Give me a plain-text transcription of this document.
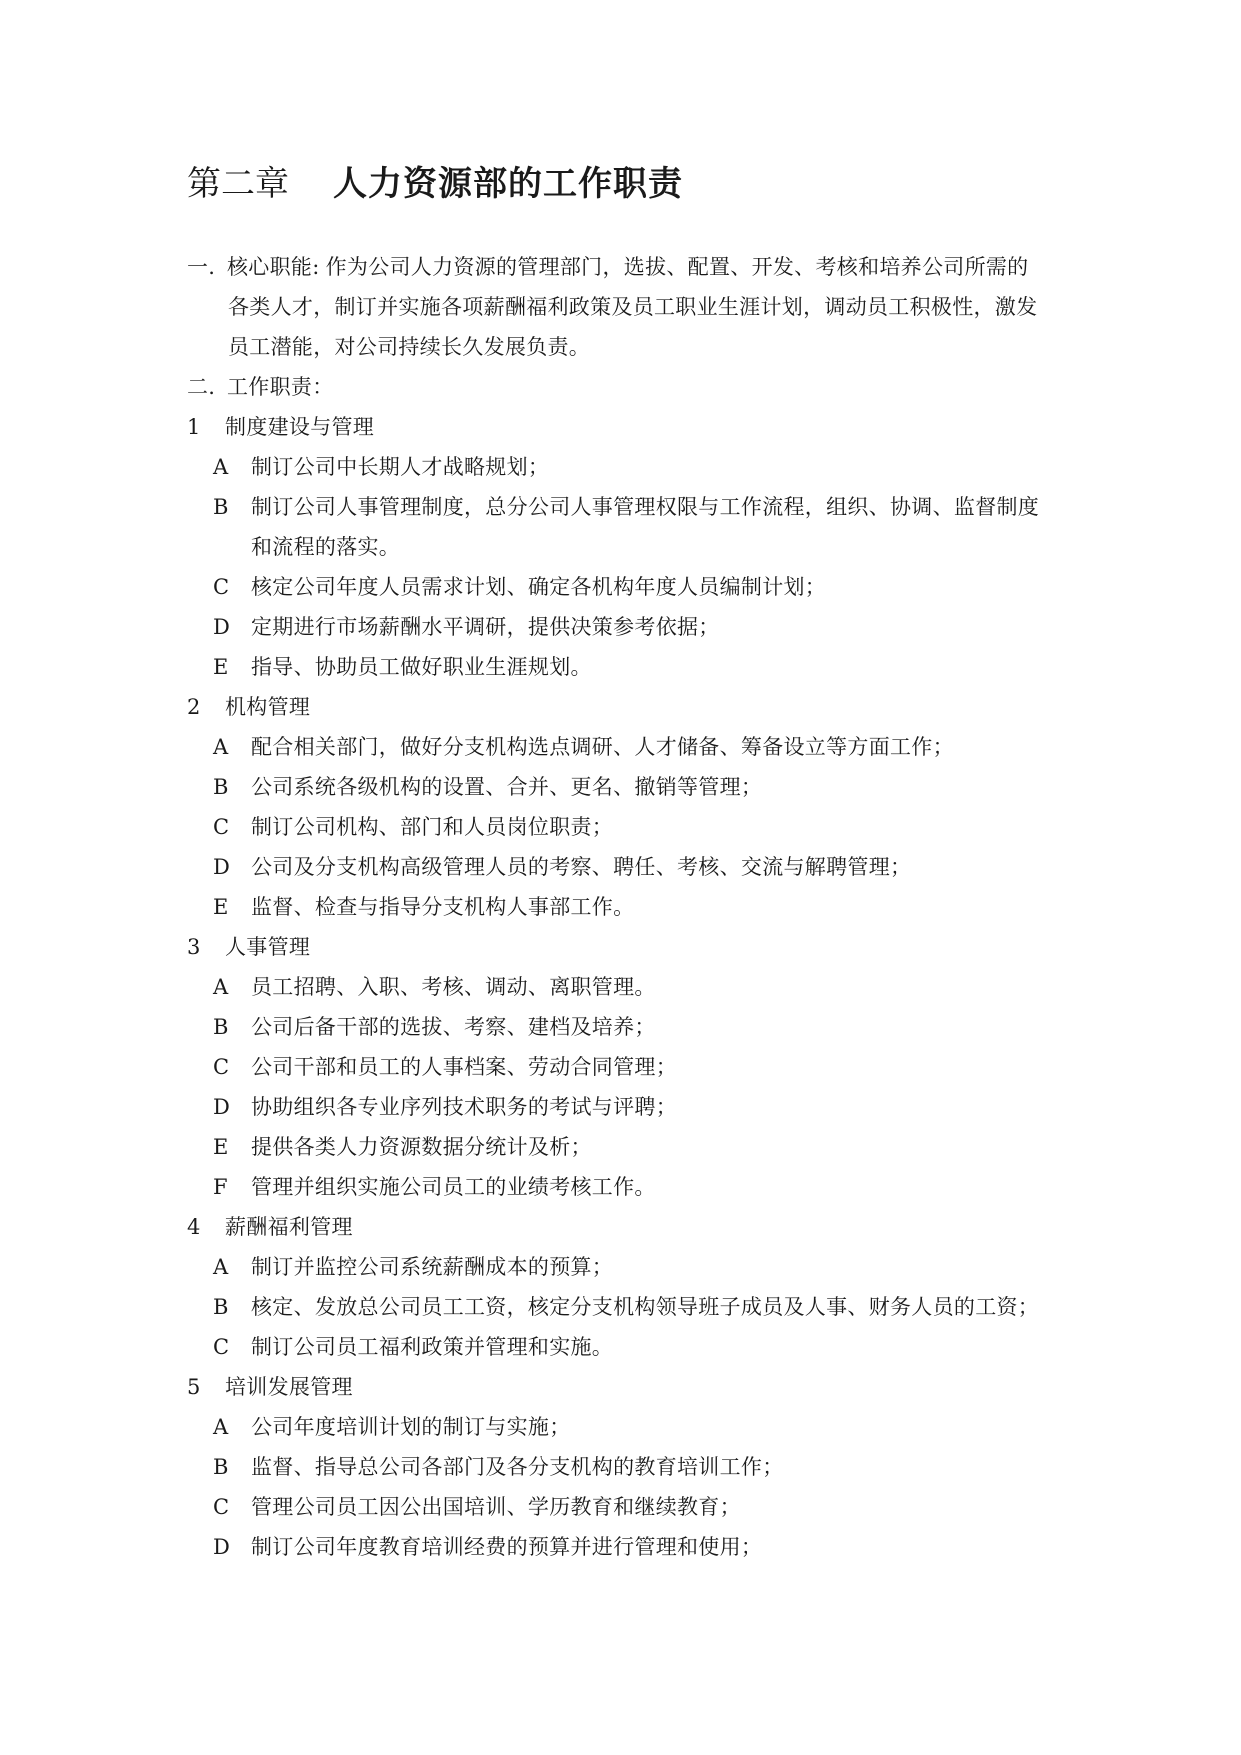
第二章 人力资源部的工作职责
一. 核心职能: 作为公司人力资源的管理部门，选拔、配置、开发、考核和培养公司所需的
各类人才，制订并实施各项薪酬福利政策及员工职业生涯计划，调动员工积极性，激发
员工潜能，对公司持续长久发展负责。
二. 工作职责：
1 制度建设与管理
A 制订公司中长期人才战略规划；
B 制订公司人事管理制度，总分公司人事管理权限与工作流程，组织、协调、监督制度
和流程的落实。
C 核定公司年度人员需求计划、确定各机构年度人员编制计划；
D 定期进行市场薪酬水平调研，提供决策参考依据；
E 指导、协助员工做好职业生涯规划。
2 机构管理
A 配合相关部门，做好分支机构选点调研、人才储备、筹备设立等方面工作；
B 公司系统各级机构的设置、合并、更名、撤销等管理；
C 制订公司机构、部门和人员岗位职责；
D 公司及分支机构高级管理人员的考察、聘任、考核、交流与解聘管理；
E 监督、检查与指导分支机构人事部工作。
3 人事管理
A 员工招聘、入职、考核、调动、离职管理。
B 公司后备干部的选拔、考察、建档及培养；
C 公司干部和员工的人事档案、劳动合同管理；
D 协助组织各专业序列技术职务的考试与评聘；
E 提供各类人力资源数据分统计及析；
F 管理并组织实施公司员工的业绩考核工作。
4 薪酬福利管理
A 制订并监控公司系统薪酬成本的预算；
B 核定、发放总公司员工工资，核定分支机构领导班子成员及人事、财务人员的工资；
C 制订公司员工福利政策并管理和实施。
5 培训发展管理
A 公司年度培训计划的制订与实施；
B 监督、指导总公司各部门及各分支机构的教育培训工作；
C 管理公司员工因公出国培训、学历教育和继续教育；
D 制订公司年度教育培训经费的预算并进行管理和使用；
